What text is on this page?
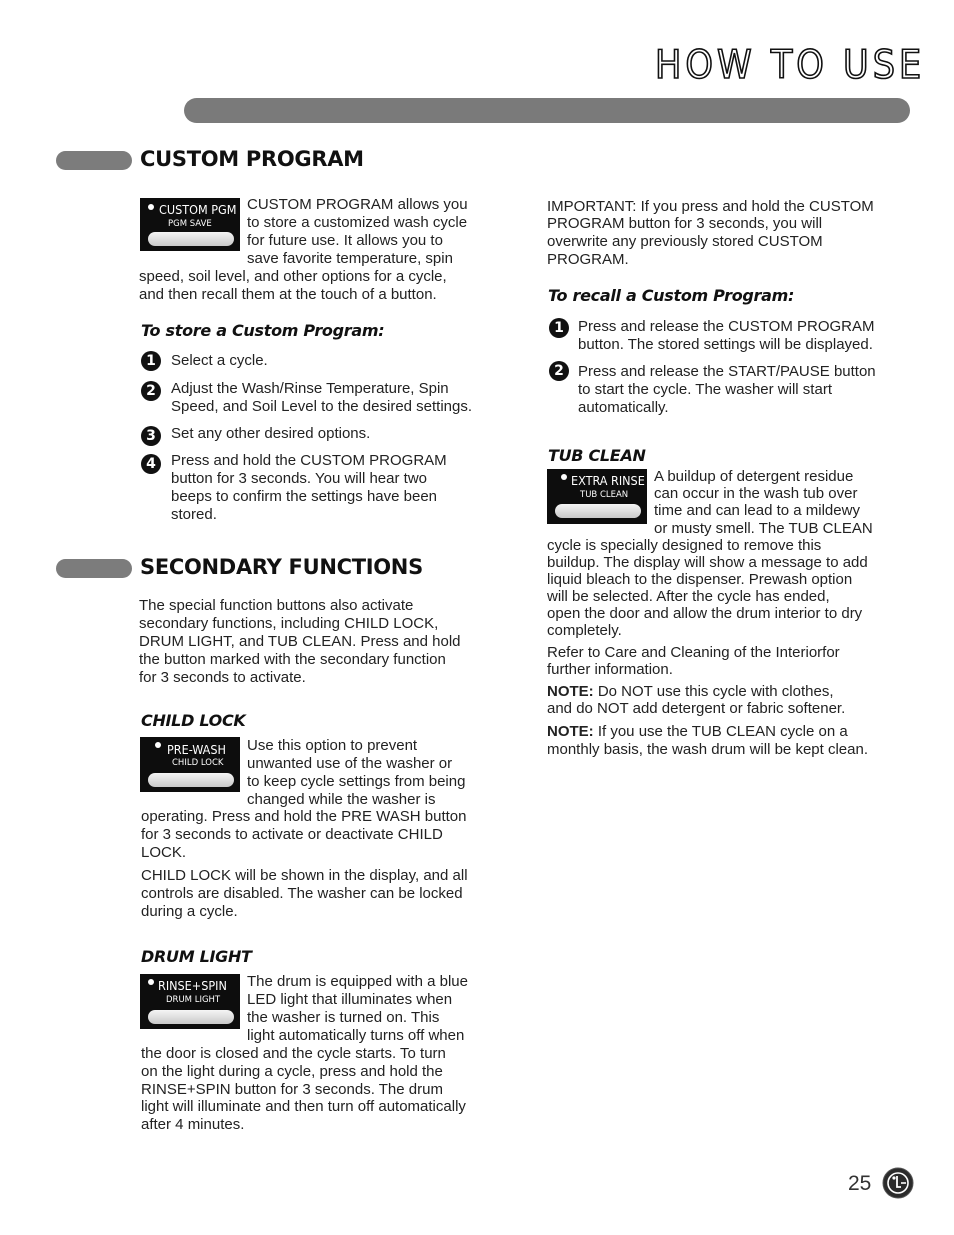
HOW TO USE
CUSTOM PROGRAM
CUSTOM PGM
PGM SAVE
CUSTOM PROGRAM allows you
to store a customized wash cycle
for future use. It allows you to
save favorite temperature, spin
speed, soil level, and other options for a cycle,
and then recall them at the touch of a button.
To store a Custom Program:
1	Select a cycle.
2	Adjust the Wash/Rinse Temperature, Spin
Speed, and Soil Level to the desired settings.
3	Set any other desired options.
4	Press and hold the CUSTOM PROGRAM
button for 3 seconds. You will hear two
beeps to confirm the settings have been
stored.
SECONDARY FUNCTIONS
The special function buttons also activate
secondary functions, including CHILD LOCK,
DRUM LIGHT, and TUB CLEAN. Press and hold
the button marked with the secondary function
for 3 seconds to activate.
CHILD LOCK
PRE-WASH
CHILD LOCK
Use this option to prevent
unwanted use of the washer or
to keep cycle settings from being
changed while the washer is
operating. Press and hold the PRE WASH button
for 3 seconds to activate or deactivate CHILD
LOCK.
CHILD LOCK will be shown in the display, and all
controls are disabled. The washer can be locked
during a cycle.
DRUM LIGHT
RINSE+SPIN
DRUM LIGHT
The drum is equipped with a blue
LED light that illuminates when
the washer is turned on. This
light automatically turns off when
the door is closed and the cycle starts. To turn
on the light during a cycle, press and hold the
RINSE+SPIN button for 3 seconds. The drum
light will illuminate and then turn off automatically
after 4 minutes.
IMPORTANT: If you press and hold the CUSTOM
PROGRAM button for 3 seconds, you will
overwrite any previously stored CUSTOM
PROGRAM.
To recall a Custom Program:
1 Press and release the CUSTOM PROGRAM
button. The stored settings will be displayed.
2 Press and release the START/PAUSE button
to start the cycle. The washer will start
automatically.
TUB CLEAN
EXTRA RINSE
TUB CLEAN
A buildup of detergent residue
can occur in the wash tub over
time and can lead to a mildewy
or musty smell. The TUB CLEAN
cycle is specially designed to remove this
buildup. The display will show a message to add
liquid bleach to the dispenser. Prewash option
will be selected. After the cycle has ended,
open the door and allow the drum interior to dry
completely.
Refer to Care and Cleaning of the Interiorfor
further information.
NOTE: Do NOT use this cycle with clothes,
and do NOT add detergent or fabric softener.
NOTE: If you use the TUB CLEAN cycle on a
monthly basis, the wash drum will be kept clean.
25
